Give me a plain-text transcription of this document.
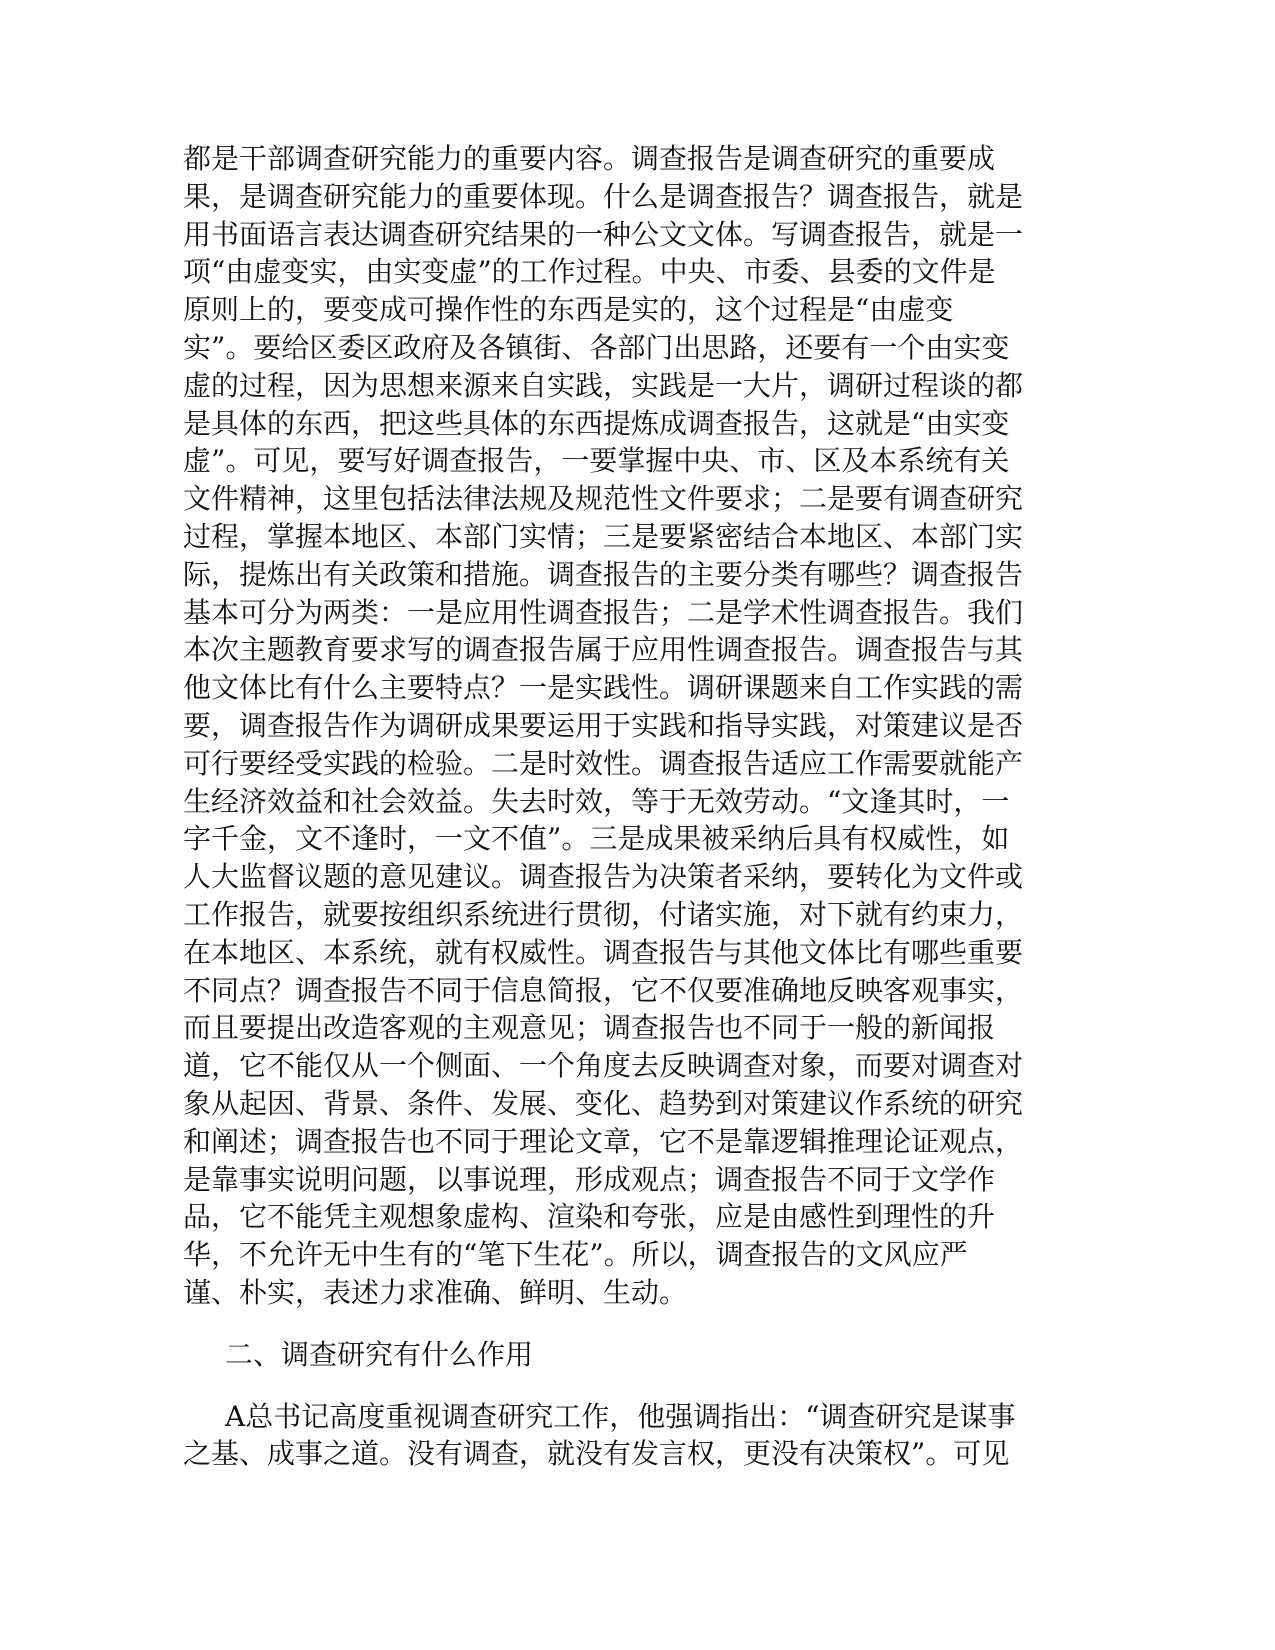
都是干部调查研究能力的重要内容。调查报告是调查研究的重要成
果，是调查研究能力的重要体现。什么是调查报告？调查报告，就是
用书面语言表达调查研究结果的一种公文文体。写调查报告，就是一
项“由虚变实，由实变虚”的工作过程。中央、市委、县委的文件是
原则上的，要变成可操作性的东西是实的，这个过程是“由虚变
实”。要给区委区政府及各镇街、各部门出思路，还要有一个由实变
虚的过程，因为思想来源来自实践，实践是一大片，调研过程谈的都
是具体的东西，把这些具体的东西提炼成调查报告，这就是“由实变
虚”。可见，要写好调查报告，一要掌握中央、市、区及本系统有关
文件精神，这里包括法律法规及规范性文件要求；二是要有调查研究
过程，掌握本地区、本部门实情；三是要紧密结合本地区、本部门实
际，提炼出有关政策和措施。调查报告的主要分类有哪些？调查报告
基本可分为两类：一是应用性调查报告；二是学术性调查报告。我们
本次主题教育要求写的调查报告属于应用性调查报告。调查报告与其
他文体比有什么主要特点？一是实践性。调研课题来自工作实践的需
要，调查报告作为调研成果要运用于实践和指导实践，对策建议是否
可行要经受实践的检验。二是时效性。调查报告适应工作需要就能产
生经济效益和社会效益。失去时效，等于无效劳动。“文逢其时，一
字千金，文不逢时，一文不值”。三是成果被采纳后具有权威性，如
人大监督议题的意见建议。调查报告为决策者采纳，要转化为文件或
工作报告，就要按组织系统进行贯彻，付诸实施，对下就有约束力，
在本地区、本系统，就有权威性。调查报告与其他文体比有哪些重要
不同点？调查报告不同于信息简报，它不仅要准确地反映客观事实，
而且要提出改造客观的主观意见；调查报告也不同于一般的新闻报
道，它不能仅从一个侧面、一个角度去反映调查对象，而要对调查对
象从起因、背景、条件、发展、变化、趋势到对策建议作系统的研究
和阐述；调查报告也不同于理论文章，它不是靠逻辑推理论证观点，
是靠事实说明问题，以事说理，形成观点；调查报告不同于文学作
品，它不能凭主观想象虚构、渲染和夸张，应是由感性到理性的升
华，不允许无中生有的“笔下生花”。所以，调查报告的文风应严
谨、朴实，表述力求准确、鲜明、生动。
二、调查研究有什么作用
A总书记高度重视调查研究工作，他强调指出：“调查研究是谋事
之基、成事之道。没有调查，就没有发言权，更没有决策权”。可见
